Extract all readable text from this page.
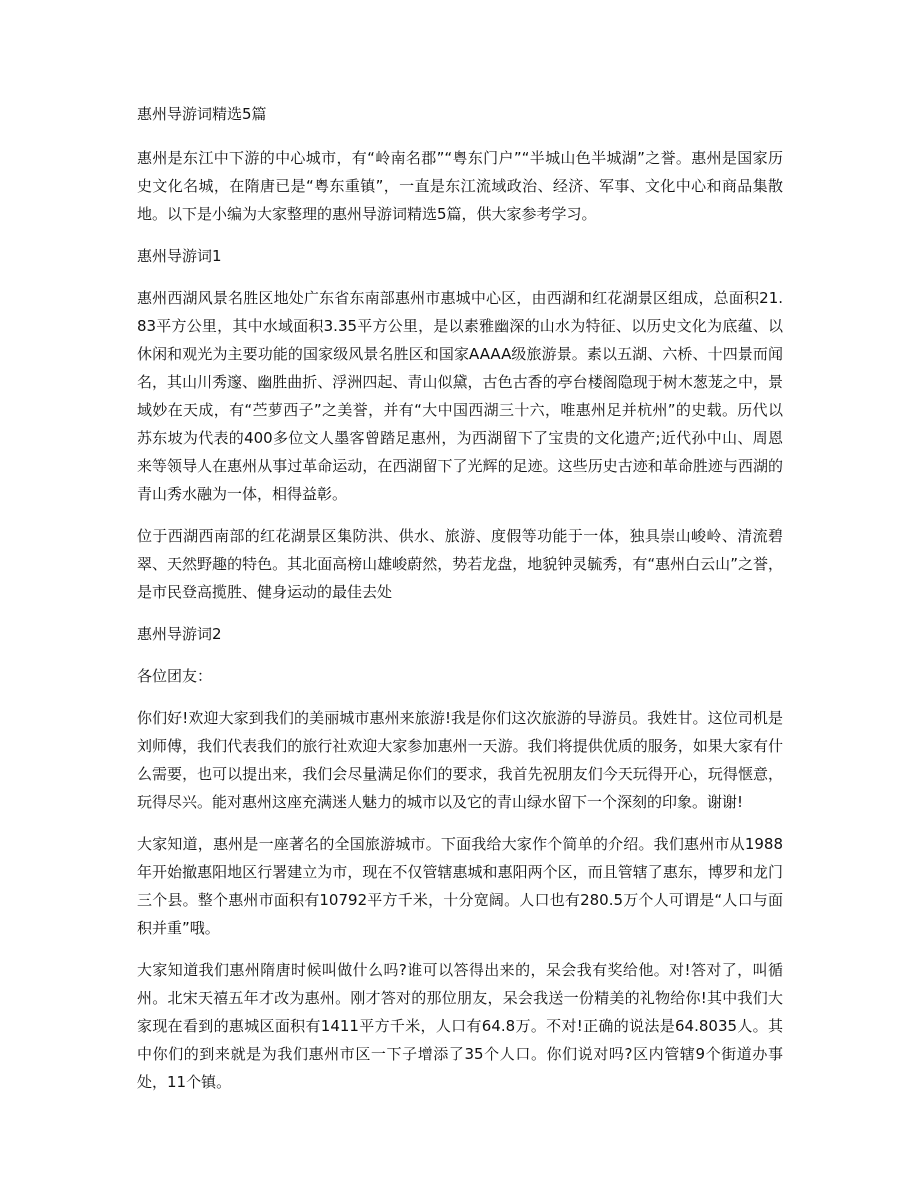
惠州导游词精选5篇

惠州是东江中下游的中心城市，有“岭南名郡”“粤东门户”“半城山色半城湖”之誉。惠州是国家历史文化名城，在隋唐已是“粤东重镇”，一直是东江流域政治、经济、军事、文化中心和商品集散地。以下是小编为大家整理的惠州导游词精选5篇，供大家参考学习。

惠州导游词1

惠州西湖风景名胜区地处广东省东南部惠州市惠城中心区，由西湖和红花湖景区组成，总面积21.83平方公里，其中水域面积3.35平方公里，是以素雅幽深的山水为特征、以历史文化为底蕴、以休闲和观光为主要功能的国家级风景名胜区和国家AAAA级旅游景。素以五湖、六桥、十四景而闻名，其山川秀邃、幽胜曲折、浮洲四起、青山似黛，古色古香的亭台楼阁隐现于树木葱茏之中，景域妙在天成，有“苎萝西子”之美誉，并有“大中国西湖三十六，唯惠州足并杭州”的史载。历代以苏东坡为代表的400多位文人墨客曾踏足惠州，为西湖留下了宝贵的文化遗产;近代孙中山、周恩来等领导人在惠州从事过革命运动，在西湖留下了光辉的足迹。这些历史古迹和革命胜迹与西湖的青山秀水融为一体，相得益彰。

位于西湖西南部的红花湖景区集防洪、供水、旅游、度假等功能于一体，独具崇山峻岭、清流碧翠、天然野趣的特色。其北面高榜山雄峻蔚然，势若龙盘，地貌钟灵毓秀，有“惠州白云山”之誉，是市民登高揽胜、健身运动的最佳去处

惠州导游词2

各位团友：

你们好!欢迎大家到我们的美丽城市惠州来旅游!我是你们这次旅游的导游员。我姓甘。这位司机是刘师傅，我们代表我们的旅行社欢迎大家参加惠州一天游。我们将提供优质的服务，如果大家有什么需要，也可以提出来，我们会尽量满足你们的要求，我首先祝朋友们今天玩得开心，玩得惬意，玩得尽兴。能对惠州这座充满迷人魅力的城市以及它的青山绿水留下一个深刻的印象。谢谢!

大家知道，惠州是一座著名的全国旅游城市。下面我给大家作个简单的介绍。我们惠州市从1988年开始撤惠阳地区行署建立为市，现在不仅管辖惠城和惠阳两个区，而且管辖了惠东，博罗和龙门三个县。整个惠州市面积有10792平方千米，十分宽阔。人口也有280.5万个人可谓是“人口与面积并重”哦。

大家知道我们惠州隋唐时候叫做什么吗?谁可以答得出来的，呆会我有奖给他。对!答对了，叫循州。北宋天禧五年才改为惠州。刚才答对的那位朋友，呆会我送一份精美的礼物给你!其中我们大家现在看到的惠城区面积有1411平方千米，人口有64.8万。不对!正确的说法是64.8035人。其中你们的到来就是为我们惠州市区一下子增添了35个人口。你们说对吗?区内管辖9个街道办事处，11个镇。
